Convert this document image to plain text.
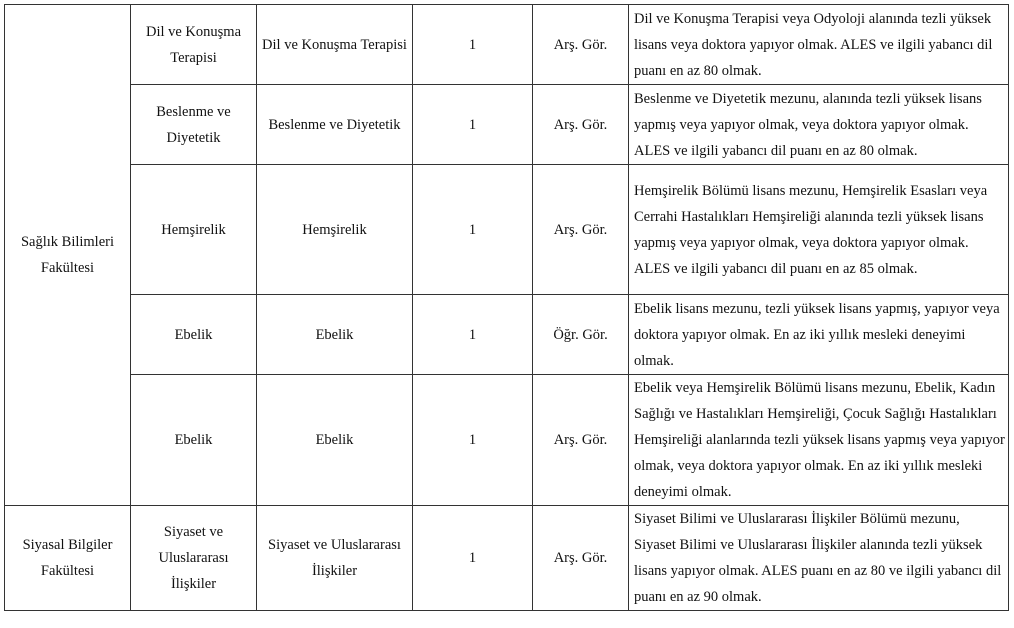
Sağlık Bilimleri Fakültesi	Dil ve Konuşma Terapisi	Dil ve Konuşma Terapisi	1	Arş. Gör.	Dil ve Konuşma Terapisi veya Odyoloji alanında tezli yüksek lisans veya doktora yapıyor olmak. ALES ve ilgili yabancı dil puanı en az 80 olmak.
	Beslenme ve Diyetetik	Beslenme ve Diyetetik	1	Arş. Gör.	Beslenme ve Diyetetik mezunu, alanında tezli yüksek lisans yapmış veya yapıyor olmak, veya doktora yapıyor olmak. ALES ve ilgili yabancı dil puanı en az 80 olmak.
	Hemşirelik	Hemşirelik	1	Arş. Gör.	Hemşirelik Bölümü lisans mezunu, Hemşirelik Esasları veya Cerrahi Hastalıkları Hemşireliği alanında tezli yüksek lisans yapmış veya yapıyor olmak, veya doktora yapıyor olmak. ALES ve ilgili yabancı dil puanı en az 85 olmak.
	Ebelik	Ebelik	1	Öğr. Gör.	Ebelik lisans mezunu, tezli yüksek lisans yapmış, yapıyor veya doktora yapıyor olmak. En az iki yıllık mesleki deneyimi olmak.
	Ebelik	Ebelik	1	Arş. Gör.	Ebelik veya Hemşirelik Bölümü lisans mezunu, Ebelik, Kadın Sağlığı ve Hastalıkları Hemşireliği, Çocuk Sağlığı Hastalıkları Hemşireliği alanlarında tezli yüksek lisans yapmış veya yapıyor olmak, veya doktora yapıyor olmak. En az iki yıllık mesleki deneyimi olmak.
Siyasal Bilgiler Fakültesi	Siyaset ve Uluslararası İlişkiler	Siyaset ve Uluslararası İlişkiler	1	Arş. Gör.	Siyaset Bilimi ve Uluslararası İlişkiler Bölümü mezunu, Siyaset Bilimi ve Uluslararası İlişkiler alanında tezli yüksek lisans yapıyor olmak. ALES puanı en az 80 ve ilgili yabancı dil puanı en az 90 olmak.
